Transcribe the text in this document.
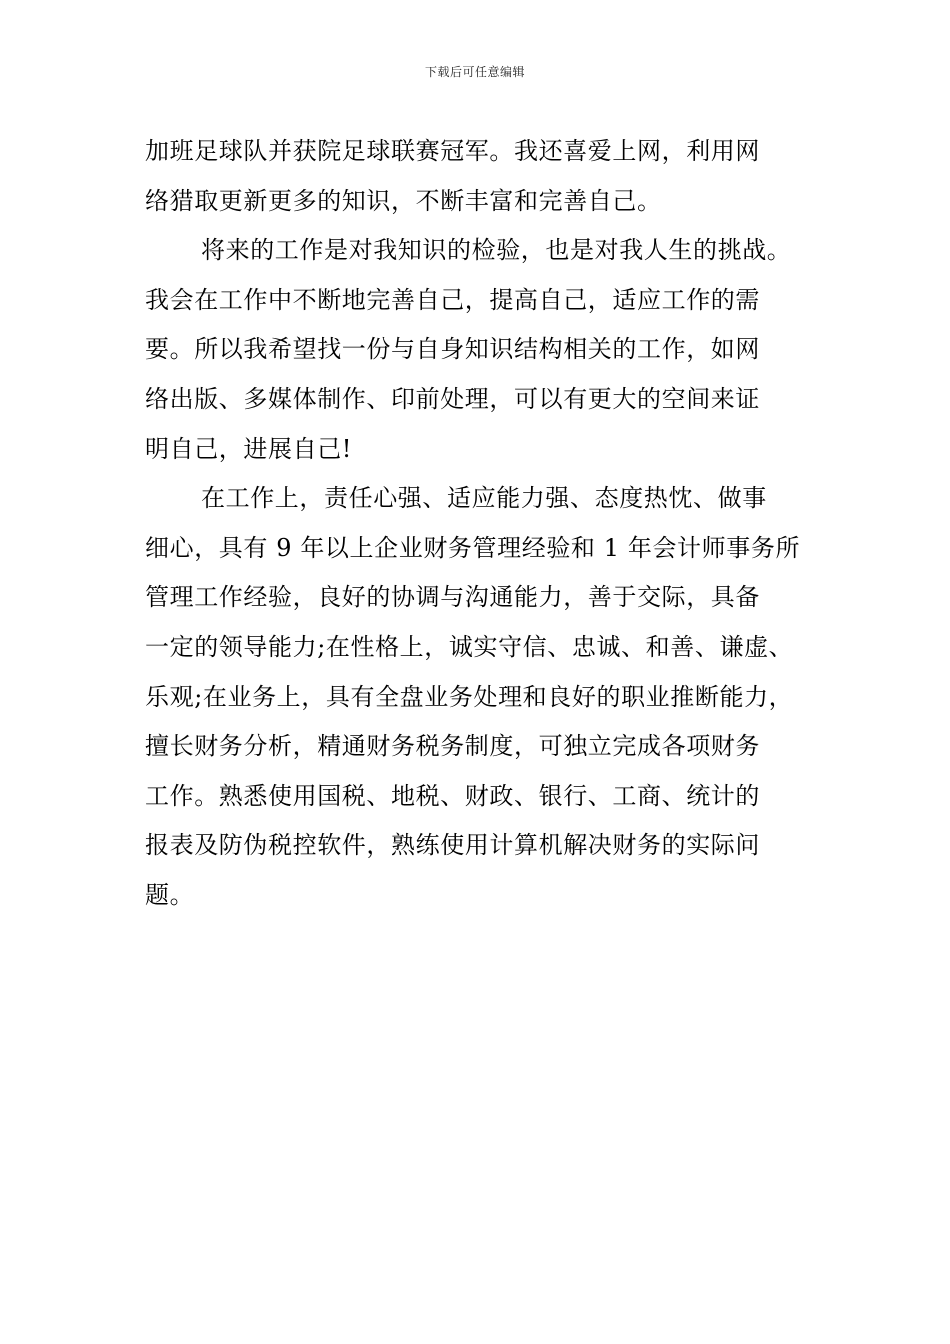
下载后可任意编辑
加班足球队并获院足球联赛冠军。我还喜爱上网，利用网
络猎取更新更多的知识，不断丰富和完善自己。
将来的工作是对我知识的检验，也是对我人生的挑战。
我会在工作中不断地完善自己，提高自己，适应工作的需
要。所以我希望找一份与自身知识结构相关的工作，如网
络出版、多媒体制作、印前处理，可以有更大的空间来证
明自己，进展自己!
在工作上，责任心强、适应能力强、态度热忱、做事
细心，具有 9 年以上企业财务管理经验和 1 年会计师事务所
管理工作经验，良好的协调与沟通能力，善于交际，具备
一定的领导能力;在性格上，诚实守信、忠诚、和善、谦虚、
乐观;在业务上，具有全盘业务处理和良好的职业推断能力，
擅长财务分析，精通财务税务制度，可独立完成各项财务
工作。熟悉使用国税、地税、财政、银行、工商、统计的
报表及防伪税控软件，熟练使用计算机解决财务的实际问
题。
